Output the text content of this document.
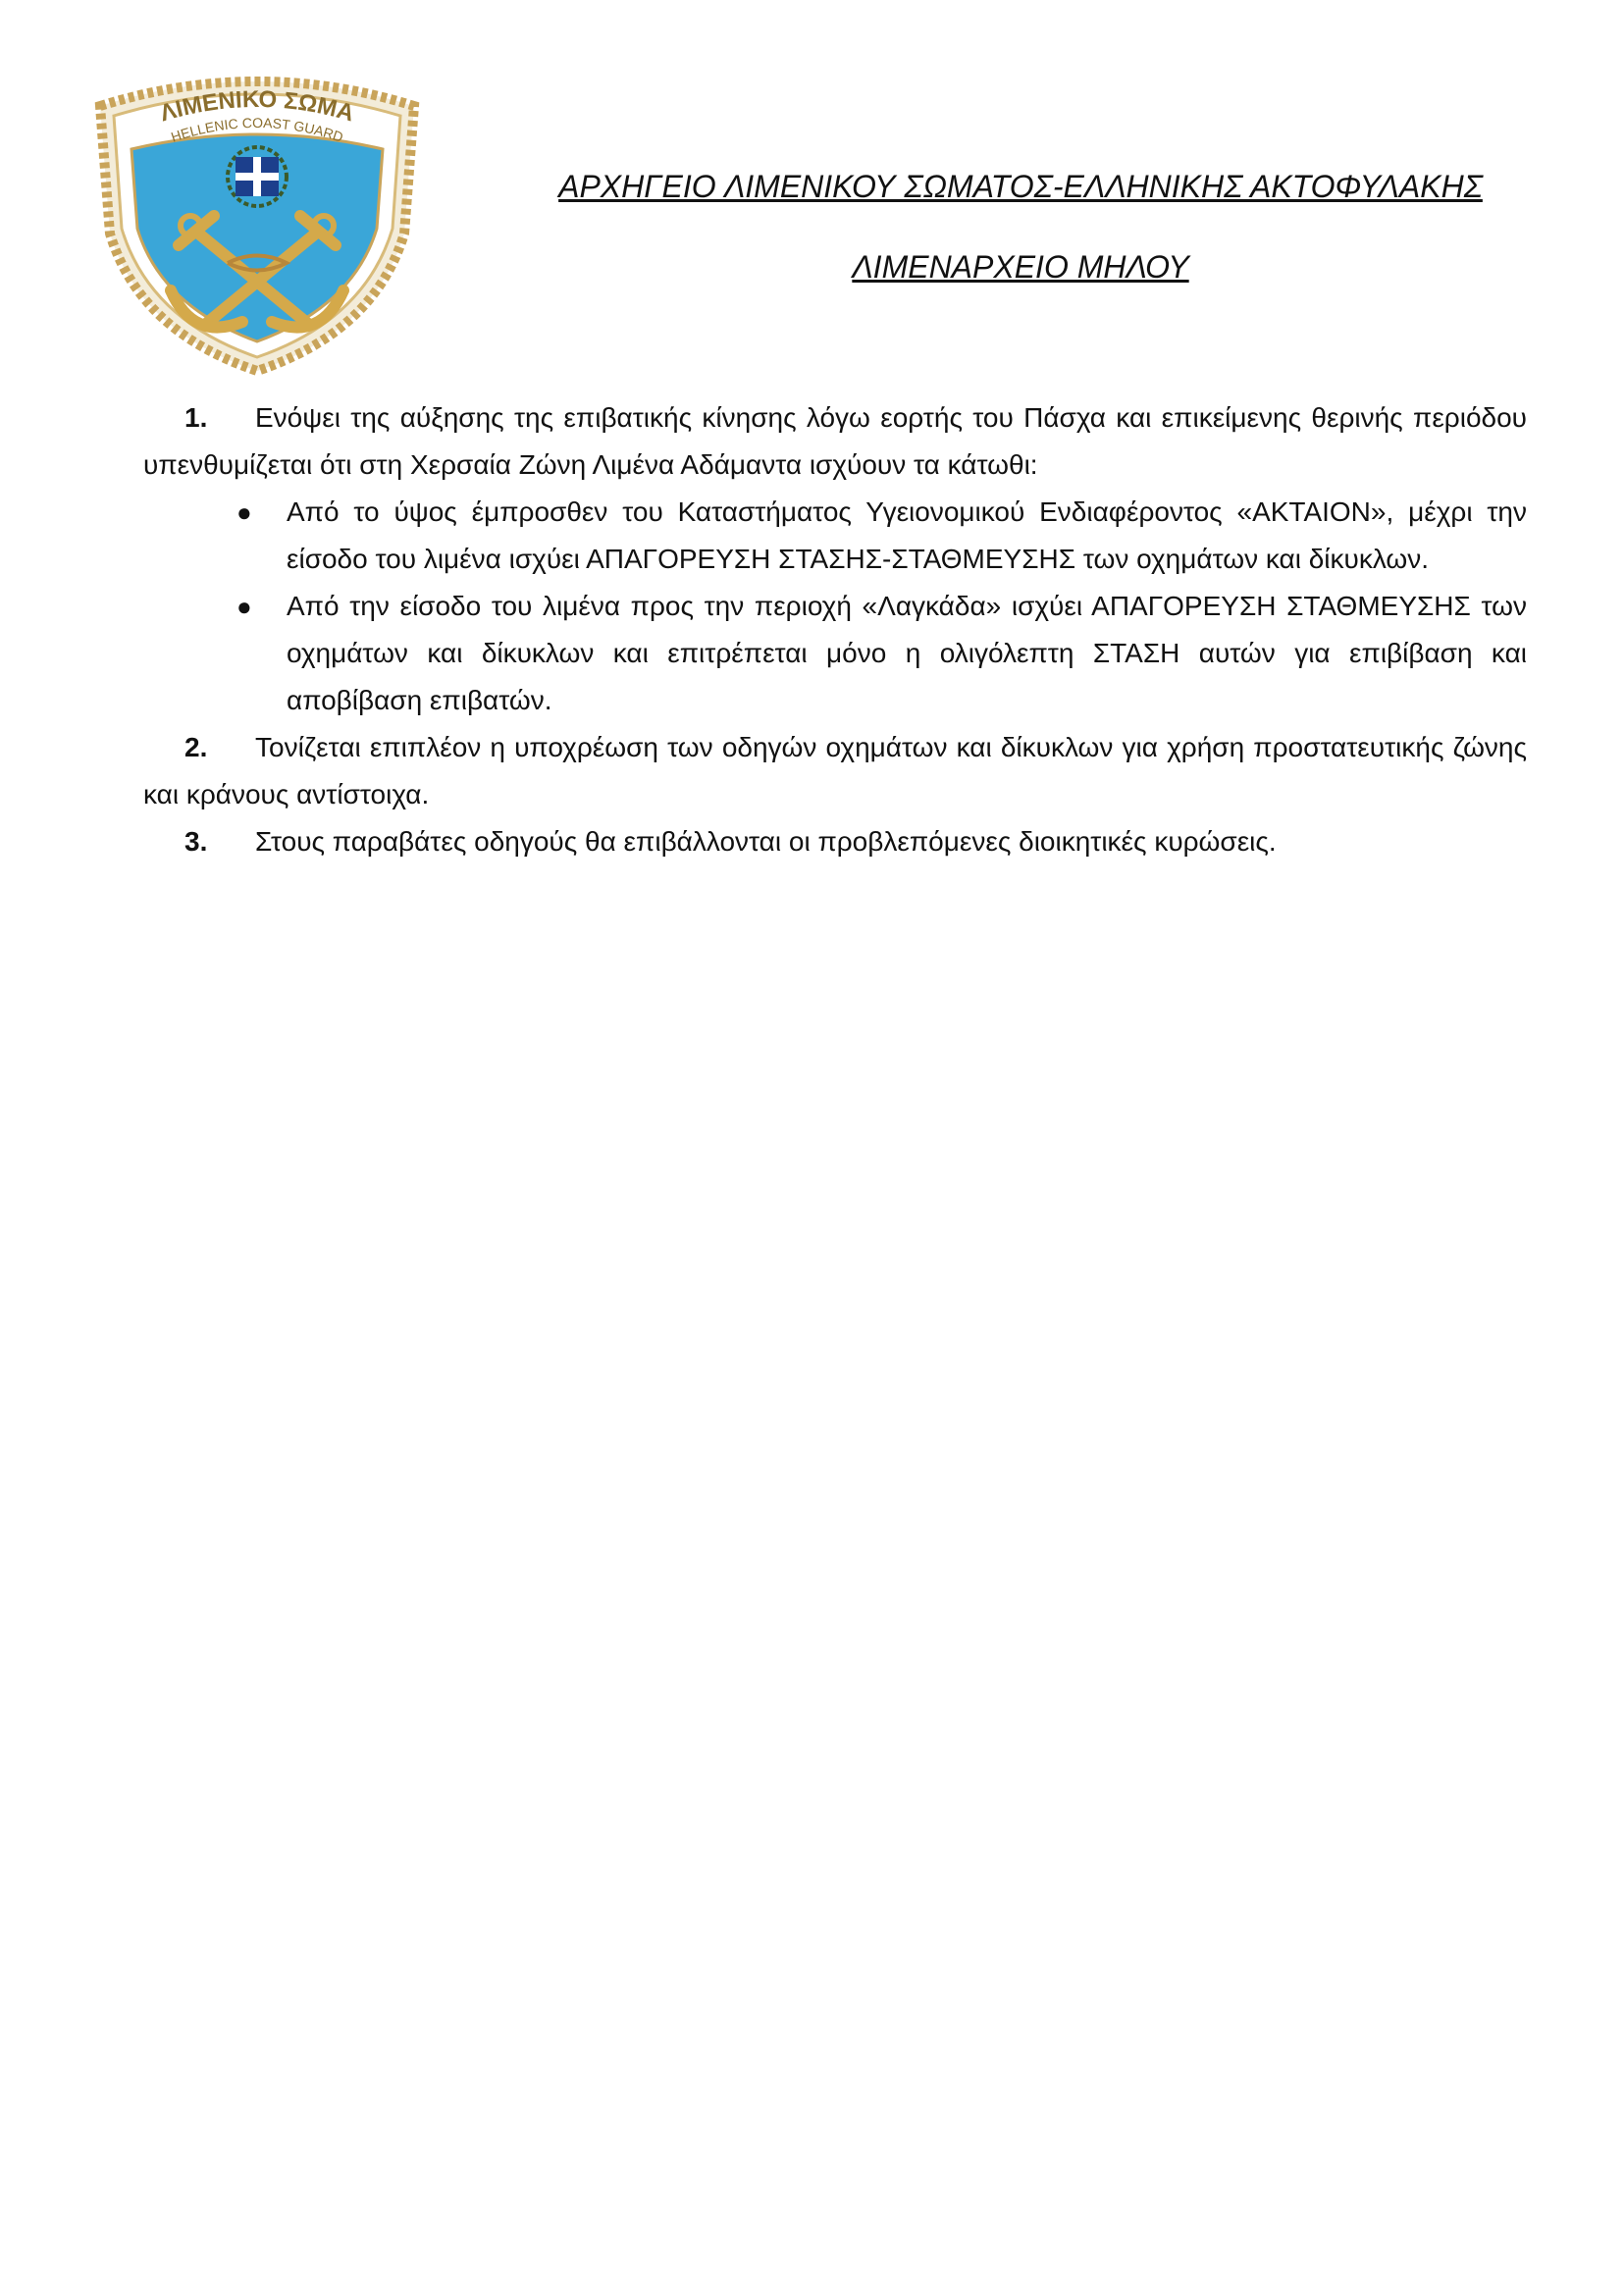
ΛΙΜΕΝΙΚΟ ΣΩΜΑ
HELLENIC COAST GUARD
ΑΡΧΗΓΕΙΟ ΛΙΜΕΝΙΚΟΥ ΣΩΜΑΤΟΣ-ΕΛΛΗΝΙΚΗΣ ΑΚΤΟΦΥΛΑΚΗΣ
ΛΙΜΕΝΑΡΧΕΙΟ ΜΗΛΟΥ

1. Ενόψει της αύξησης της επιβατικής κίνησης λόγω εορτής του Πάσχα και επικείμενης θερινής περιόδου υπενθυμίζεται ότι στη Χερσαία Ζώνη Λιμένα Αδάμαντα ισχύουν τα κάτωθι:

● Από το ύψος έμπροσθεν του Καταστήματος Υγειονομικού Ενδιαφέροντος «AKTAION», μέχρι την είσοδο του λιμένα ισχύει ΑΠΑΓΟΡΕΥΣΗ ΣΤΑΣΗΣ-ΣΤΑΘΜΕΥΣΗΣ των οχημάτων και δίκυκλων.
● Από την είσοδο του λιμένα προς την περιοχή «Λαγκάδα» ισχύει ΑΠΑΓΟΡΕΥΣΗ ΣΤΑΘΜΕΥΣΗΣ των οχημάτων και δίκυκλων και επιτρέπεται μόνο η ολιγόλεπτη ΣΤΑΣΗ αυτών για επιβίβαση και αποβίβαση επιβατών.

2. Τονίζεται επιπλέον η υποχρέωση των οδηγών οχημάτων και δίκυκλων για χρήση προστατευτικής ζώνης και κράνους αντίστοιχα.

3. Στους παραβάτες οδηγούς θα επιβάλλονται οι προβλεπόμενες διοικητικές κυρώσεις.
